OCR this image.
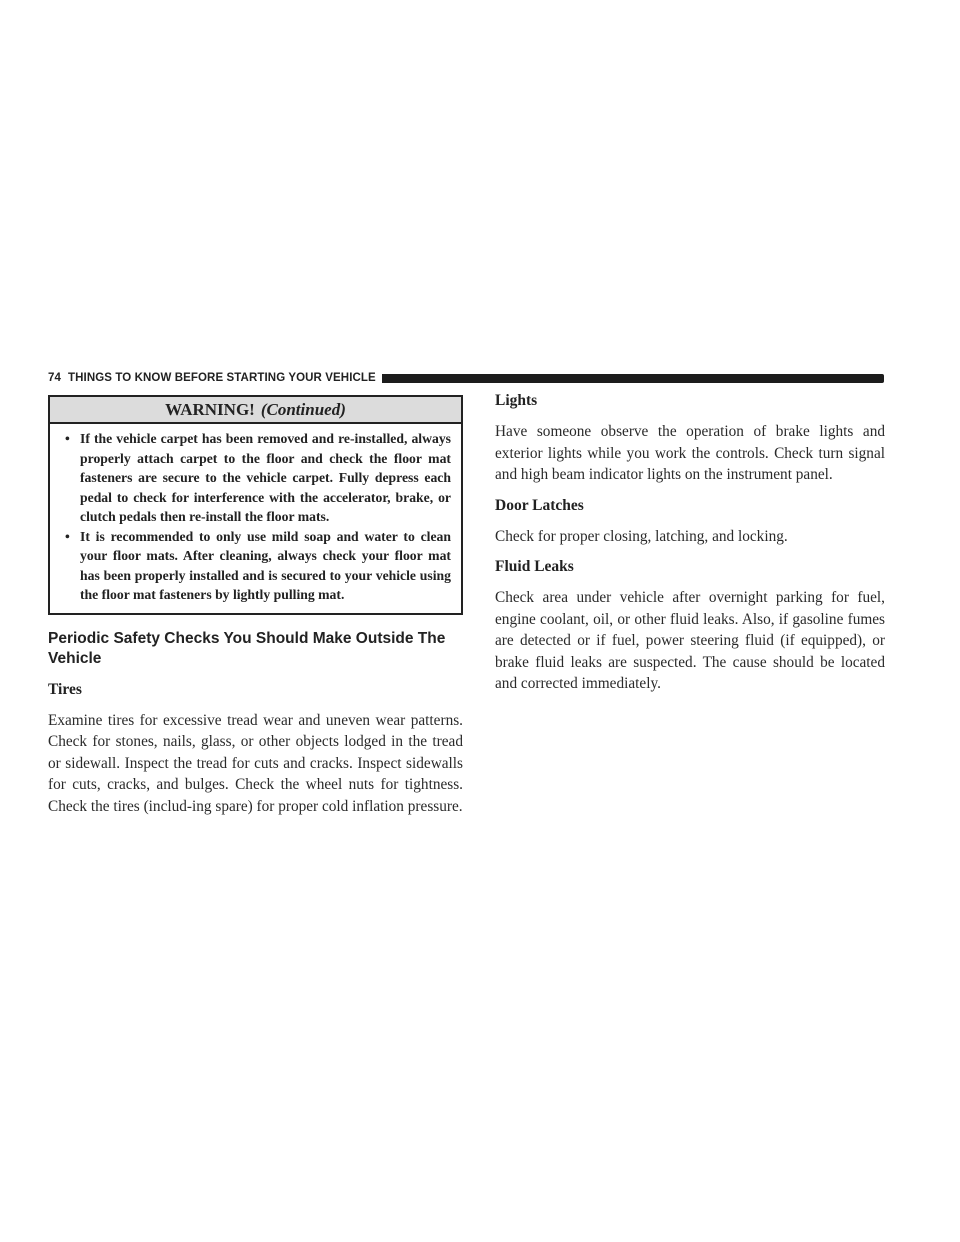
74 THINGS TO KNOW BEFORE STARTING YOUR VEHICLE
WARNING! (Continued)
• If the vehicle carpet has been removed and re-installed, always properly attach carpet to the floor and check the floor mat fasteners are secure to the vehicle carpet. Fully depress each pedal to check for interference with the accelerator, brake, or clutch pedals then re-install the floor mats.
• It is recommended to only use mild soap and water to clean your floor mats. After cleaning, always check your floor mat has been properly installed and is secured to your vehicle using the floor mat fasteners by lightly pulling mat.
Periodic Safety Checks You Should Make Outside The Vehicle
Tires

Examine tires for excessive tread wear and uneven wear patterns. Check for stones, nails, glass, or other objects lodged in the tread or sidewall. Inspect the tread for cuts and cracks. Inspect sidewalls for cuts, cracks, and bulges. Check the wheel nuts for tightness. Check the tires (includ-ing spare) for proper cold inflation pressure.

Lights

Have someone observe the operation of brake lights and exterior lights while you work the controls. Check turn signal and high beam indicator lights on the instrument panel.

Door Latches

Check for proper closing, latching, and locking.

Fluid Leaks

Check area under vehicle after overnight parking for fuel, engine coolant, oil, or other fluid leaks. Also, if gasoline fumes are detected or if fuel, power steering fluid (if equipped), or brake fluid leaks are suspected. The cause should be located and corrected immediately.
